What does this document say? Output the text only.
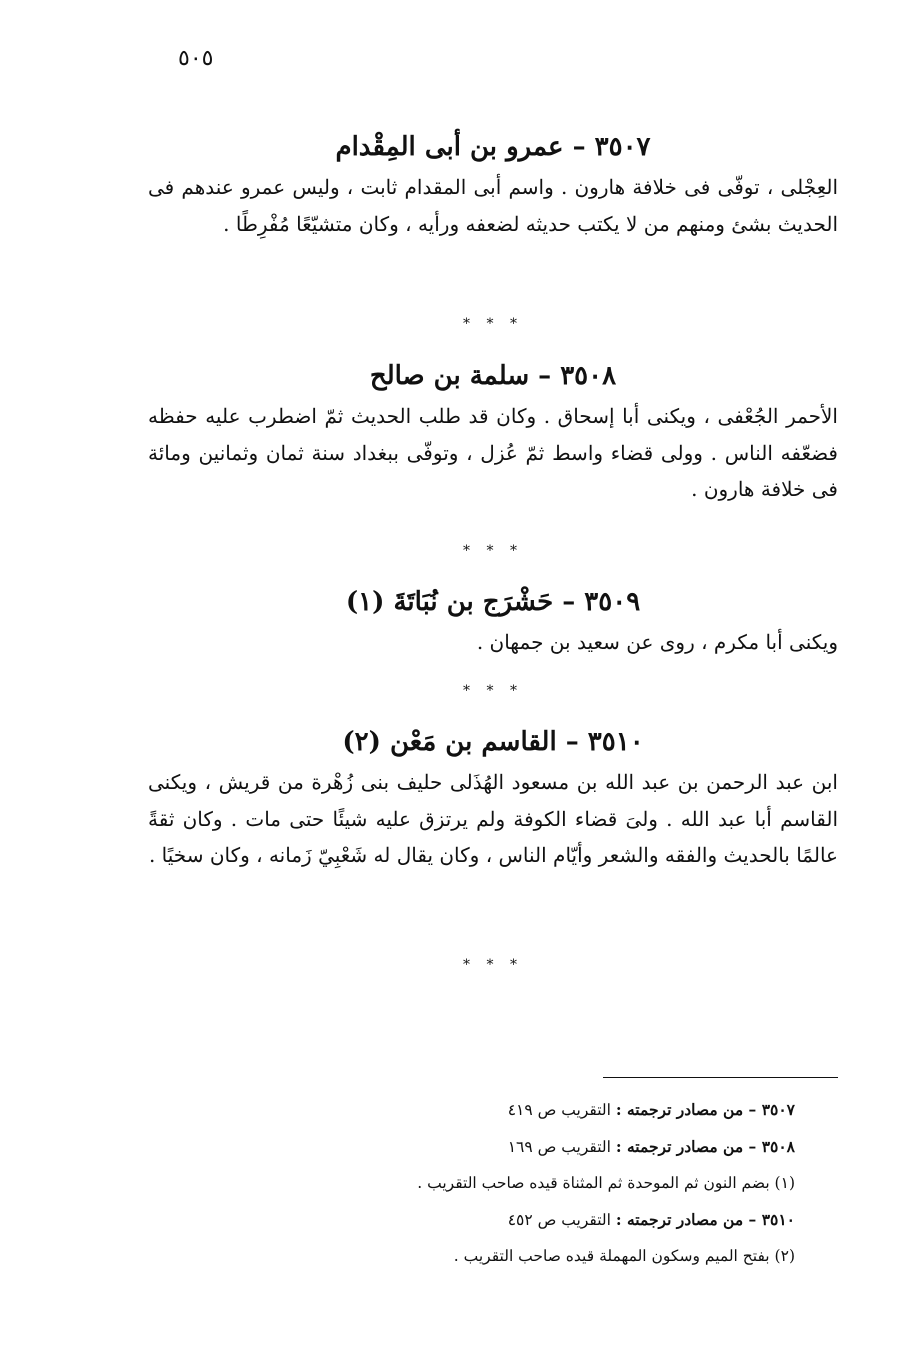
٥٠٥
٣٥٠٧ – عمرو بن أبى المِقْدام

العِجْلى ، توفّى فى خلافة هارون . واسم أبى المقدام ثابت ، وليس عمرو عندهم فى الحديث بشئ ومنهم من لا يكتب حديثه لضعفه ورأيه ، وكان متشيّعًا مُفْرِطًا .

* * *
٣٥٠٨ – سلمة بن صالح

الأحمر الجُعْفى ، ويكنى أبا إسحاق . وكان قد طلب الحديث ثمّ اضطرب عليه حفظه فضعّفه الناس . وولى قضاء واسط ثمّ عُزل ، وتوفّى ببغداد سنة ثمان وثمانين ومائة فى خلافة هارون .

* * *
٣٥٠٩ – حَشْرَج بن نُبَاتَةَ (١)

ويكنى أبا مكرم ، روى عن سعيد بن جمهان .

* * *
٣٥١٠ – القاسم بن مَعْن (٢)

ابن عبد الرحمن بن عبد الله بن مسعود الهُذَلى حليف بنى زُهْرة من قريش ، ويكنى القاسم أبا عبد الله . ولىَ قضاء الكوفة ولم يرتزق عليه شيئًا حتى مات . وكان ثقةً عالمًا بالحديث والفقه والشعر وأيّام الناس ، وكان يقال له شَعْبِيّ زَمانه ، وكان سخيًا .

* * *
٣٥٠٧ – من مصادر ترجمته : التقريب ص ٤١٩
٣٥٠٨ – من مصادر ترجمته : التقريب ص ١٦٩
(١) بضم النون ثم الموحدة ثم المثناة قيده صاحب التقريب .
٣٥١٠ – من مصادر ترجمته : التقريب ص ٤٥٢
(٢) بفتح الميم وسكون المهملة قيده صاحب التقريب .
